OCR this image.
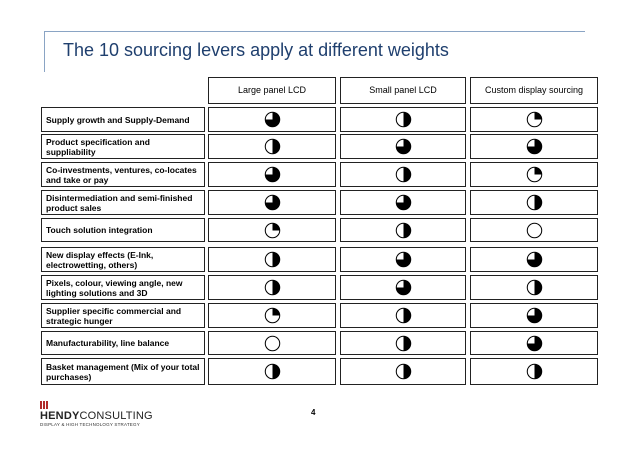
The 10 sourcing levers apply at different weights
Large panel LCD	Small panel LCD	Custom display sourcing
Supply growth and Supply-Demand
Product specification and suppliability
Co-investments, ventures, co-locates and take or pay
Disintermediation and semi-finished product sales
Touch solution integration
New display effects (E-Ink, electrowetting, others)
Pixels, colour, viewing angle, new lighting solutions and 3D
Supplier specific commercial and strategic hunger
Manufacturability, line balance
Basket management (Mix of your total purchases)
HENDYCONSULTING
DISPLAY & HIGH TECHNOLOGY STRATEGY
4
